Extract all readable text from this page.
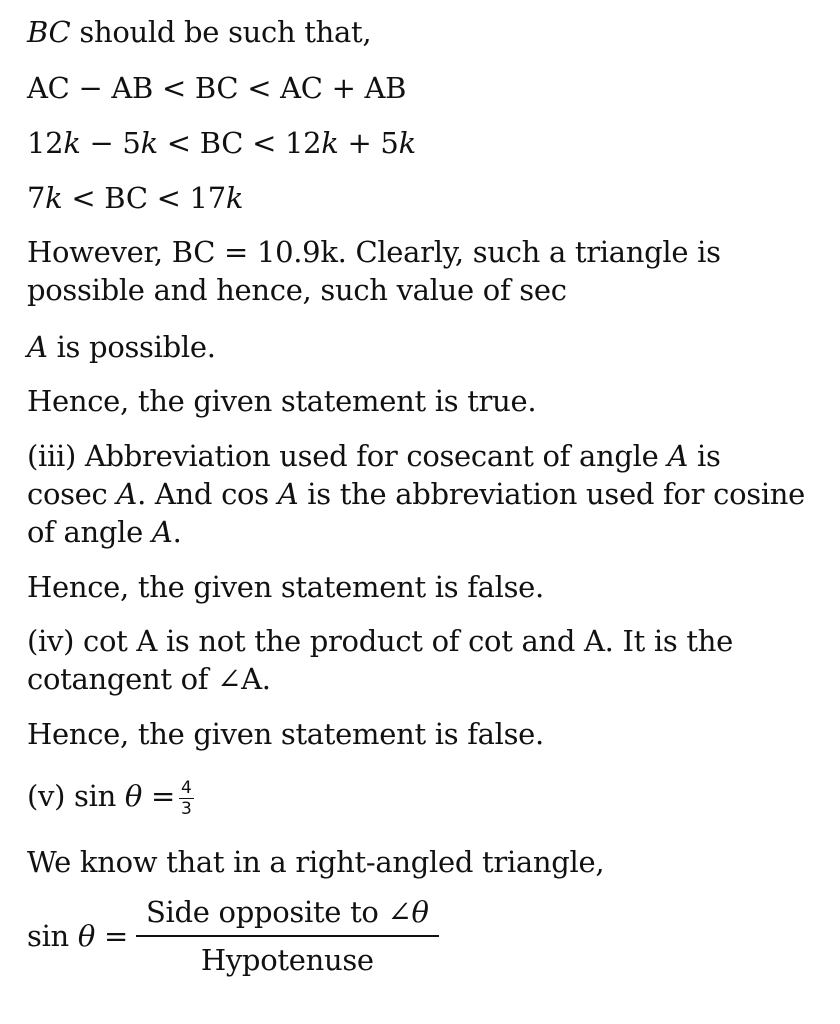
BC should be such that,
AC − AB < BC < AC + AB
12k − 5k < BC < 12k + 5k
7k < BC < 17k
However, BC = 10.9k. Clearly, such a triangle is
possible and hence, such value of sec
A is possible.
Hence, the given statement is true.
(iii) Abbreviation used for cosecant of angle A is
cosec A. And cos A is the abbreviation used for cosine
of angle A.
Hence, the given statement is false.
(iv) cot A is not the product of cot and A. It is the
cotangent of ∠A.
Hence, the given statement is false.
(v) $\sin \theta = \frac{4}{3}$
We know that in a right-angled triangle,
$\sin \theta = \frac{\text{Side opposite to ∠θ}}{\text{Hypotenuse}}$
